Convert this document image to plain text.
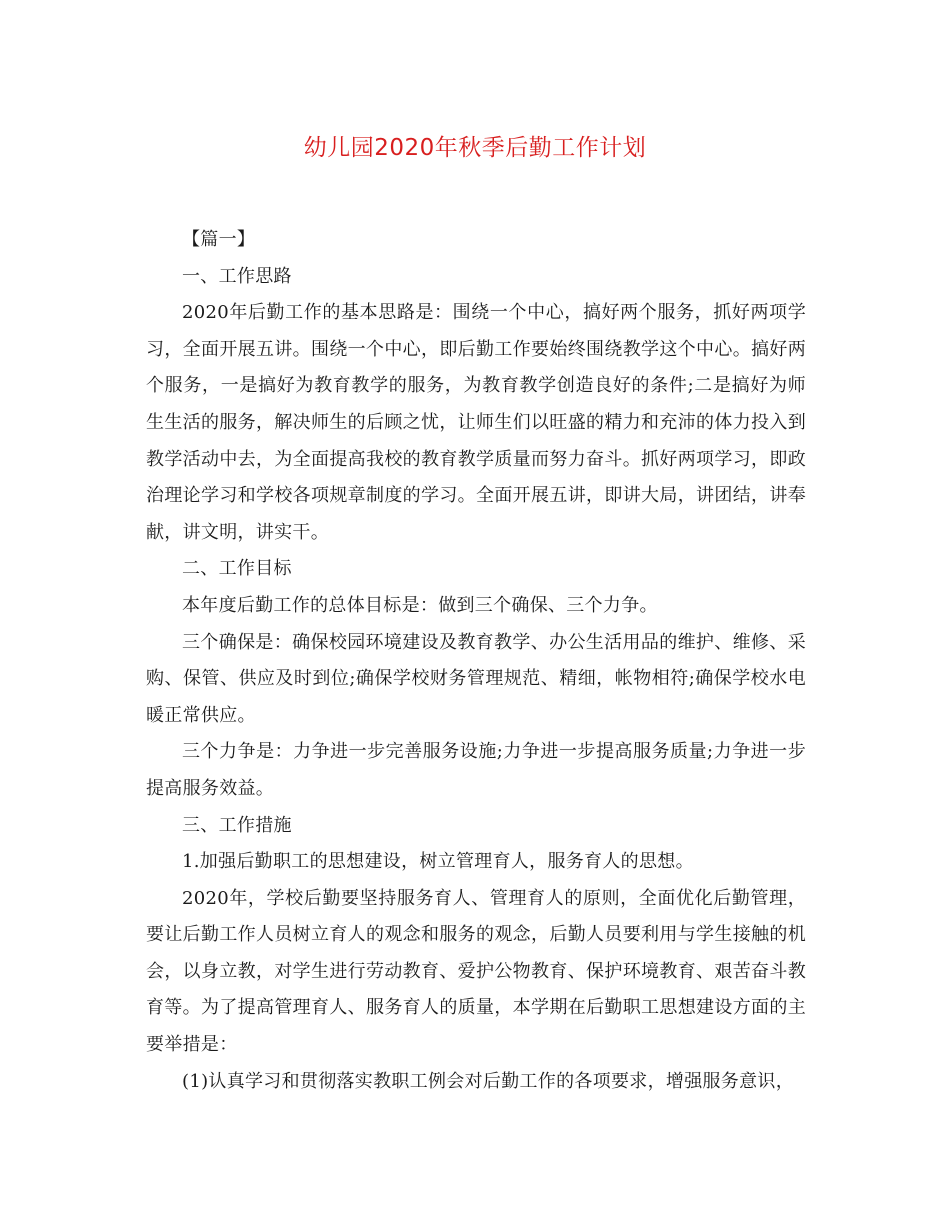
幼儿园2020年秋季后勤工作计划

【篇一】

一、工作思路

2020年后勤工作的基本思路是：围绕一个中心，搞好两个服务，抓好两项学习，全面开展五讲。围绕一个中心，即后勤工作要始终围绕教学这个中心。搞好两个服务，一是搞好为教育教学的服务，为教育教学创造良好的条件;二是搞好为师生生活的服务，解决师生的后顾之忧，让师生们以旺盛的精力和充沛的体力投入到教学活动中去，为全面提高我校的教育教学质量而努力奋斗。抓好两项学习，即政治理论学习和学校各项规章制度的学习。全面开展五讲，即讲大局，讲团结，讲奉献，讲文明，讲实干。

二、工作目标

本年度后勤工作的总体目标是：做到三个确保、三个力争。

三个确保是：确保校园环境建设及教育教学、办公生活用品的维护、维修、采购、保管、供应及时到位;确保学校财务管理规范、精细，帐物相符;确保学校水电暖正常供应。

三个力争是：力争进一步完善服务设施;力争进一步提高服务质量;力争进一步提高服务效益。

三、工作措施

1.加强后勤职工的思想建设，树立管理育人，服务育人的思想。

2020年，学校后勤要坚持服务育人、管理育人的原则，全面优化后勤管理，要让后勤工作人员树立育人的观念和服务的观念，后勤人员要利用与学生接触的机会，以身立教，对学生进行劳动教育、爱护公物教育、保护环境教育、艰苦奋斗教育等。为了提高管理育人、服务育人的质量，本学期在后勤职工思想建设方面的主要举措是：

(1)认真学习和贯彻落实教职工例会对后勤工作的各项要求，增强服务意识，
